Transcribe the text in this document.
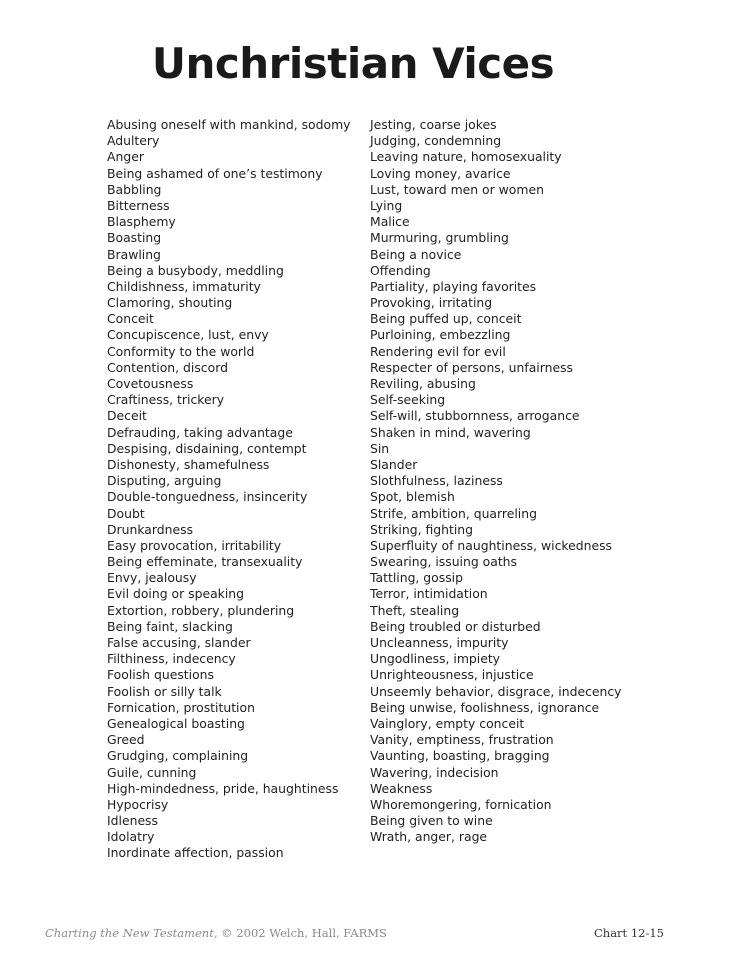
Unchristian Vices
Abusing oneself with mankind, sodomy
Adultery
Anger
Being ashamed of one’s testimony
Babbling
Bitterness
Blasphemy
Boasting
Brawling
Being a busybody, meddling
Childishness, immaturity
Clamoring, shouting
Conceit
Concupiscence, lust, envy
Conformity to the world
Contention, discord
Covetousness
Craftiness, trickery
Deceit
Defrauding, taking advantage
Despising, disdaining, contempt
Dishonesty, shamefulness
Disputing, arguing
Double-tonguedness, insincerity
Doubt
Drunkardness
Easy provocation, irritability
Being effeminate, transexuality
Envy, jealousy
Evil doing or speaking
Extortion, robbery, plundering
Being faint, slacking
False accusing, slander
Filthiness, indecency
Foolish questions
Foolish or silly talk
Fornication, prostitution
Genealogical boasting
Greed
Grudging, complaining
Guile, cunning
High-mindedness, pride, haughtiness
Hypocrisy
Idleness
Idolatry
Inordinate affection, passion
Jesting, coarse jokes
Judging, condemning
Leaving nature, homosexuality
Loving money, avarice
Lust, toward men or women
Lying
Malice
Murmuring, grumbling
Being a novice
Offending
Partiality, playing favorites
Provoking, irritating
Being puffed up, conceit
Purloining, embezzling
Rendering evil for evil
Respecter of persons, unfairness
Reviling, abusing
Self-seeking
Self-will, stubbornness, arrogance
Shaken in mind, wavering
Sin
Slander
Slothfulness, laziness
Spot, blemish
Strife, ambition, quarreling
Striking, fighting
Superfluity of naughtiness, wickedness
Swearing, issuing oaths
Tattling, gossip
Terror, intimidation
Theft, stealing
Being troubled or disturbed
Uncleanness, impurity
Ungodliness, impiety
Unrighteousness, injustice
Unseemly behavior, disgrace, indecency
Being unwise, foolishness, ignorance
Vainglory, empty conceit
Vanity, emptiness, frustration
Vaunting, boasting, bragging
Wavering, indecision
Weakness
Whoremongering, fornication
Being given to wine
Wrath, anger, rage
Charting the New Testament, © 2002 Welch, Hall, FARMS	Chart 12-15
